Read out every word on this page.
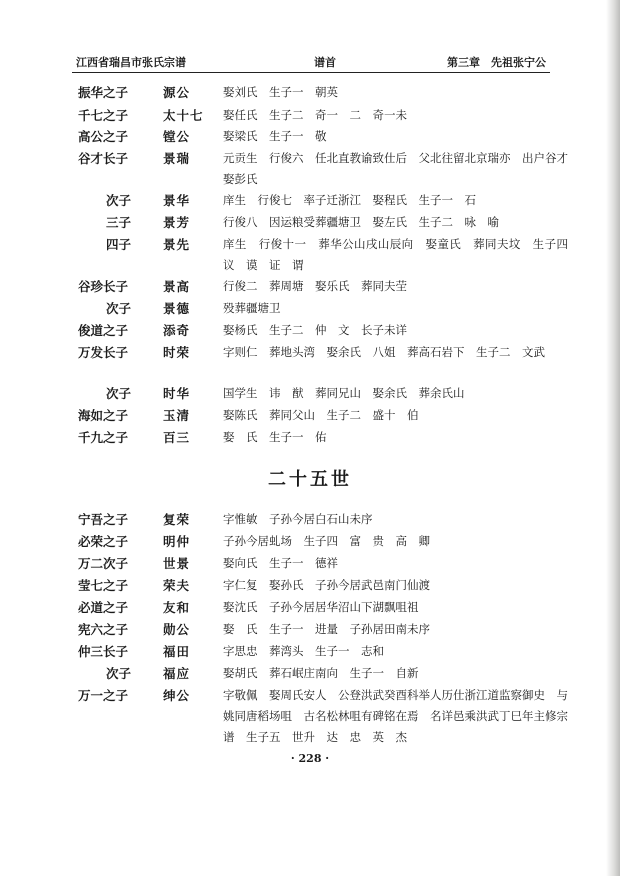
江西省瑞昌市张氏宗谱	谱首	第三章　先祖张宁公
振华之子	源公	娶刘氏　生子一　朝英
千七之子	太十七	娶任氏　生子二　奇一　二　奇一未
高公之子	镗公	娶梁氏　生子一　敬
谷才长子	景瑞	元贡生　行俊六　任北直教谕致仕后　父北往留北京瑞亦　出户谷才　娶彭氏
次子	景华	庠生　行俊七　率子迁浙江　娶程氏　生子一　石
三子	景芳	行俊八　因运粮受葬疆塘卫　娶左氏　生子二　咏　喻
四子	景先	庠生　行俊十一　葬华公山戌山辰向　娶童氏　葬同夫坟　生子四　议　谟　证　谓
谷珍长子	景高	行俊二　葬周塘　娶乐氏　葬同夫茔
次子	景德	殁葬疆塘卫
俊道之子	添奇	娶杨氏　生子二　仲　文　长子未详
万发长子	时荣	字则仁　葬地头湾　娶余氏　八姐　葬高石岩下　生子二　文武
次子	时华	国学生　讳　猷　葬同兄山　娶余氏　葬余氏山
海如之子	玉清	娶陈氏　葬同父山　生子二　盛十　伯
千九之子	百三	娶　氏　生子一　佑
二十五世
宁吾之子	复荣	字惟敏　子孙今居白石山未序
必荣之子	明仲	子孙今居虬场　生子四　富　贵　高　卿
万二次子	世景	娶向氏　生子一　德祥
莹七之子	荣夫	字仁复　娶孙氏　子孙今居武邑南门仙渡
必道之子	友和	娶沈氏　子孙今居居华沼山下湖飘咀祖
宪六之子	勋公	娶　氏　生子一　进量　子孙居田南未序
仲三长子	福田	字思忠　葬湾头　生子一　志和
次子	福应	娶胡氏　葬石岷庄南向　生子一　自新
万一之子	绅公	字敬佩　娶周氏安人　公登洪武癸酉科举人历仕浙江道监察御史　与姚同唐稻场咀　古名松林咀有碑铭在焉　名详邑乘洪武丁巳年主修宗谱　生子五　世升　达　忠　英　杰
· 228 ·
